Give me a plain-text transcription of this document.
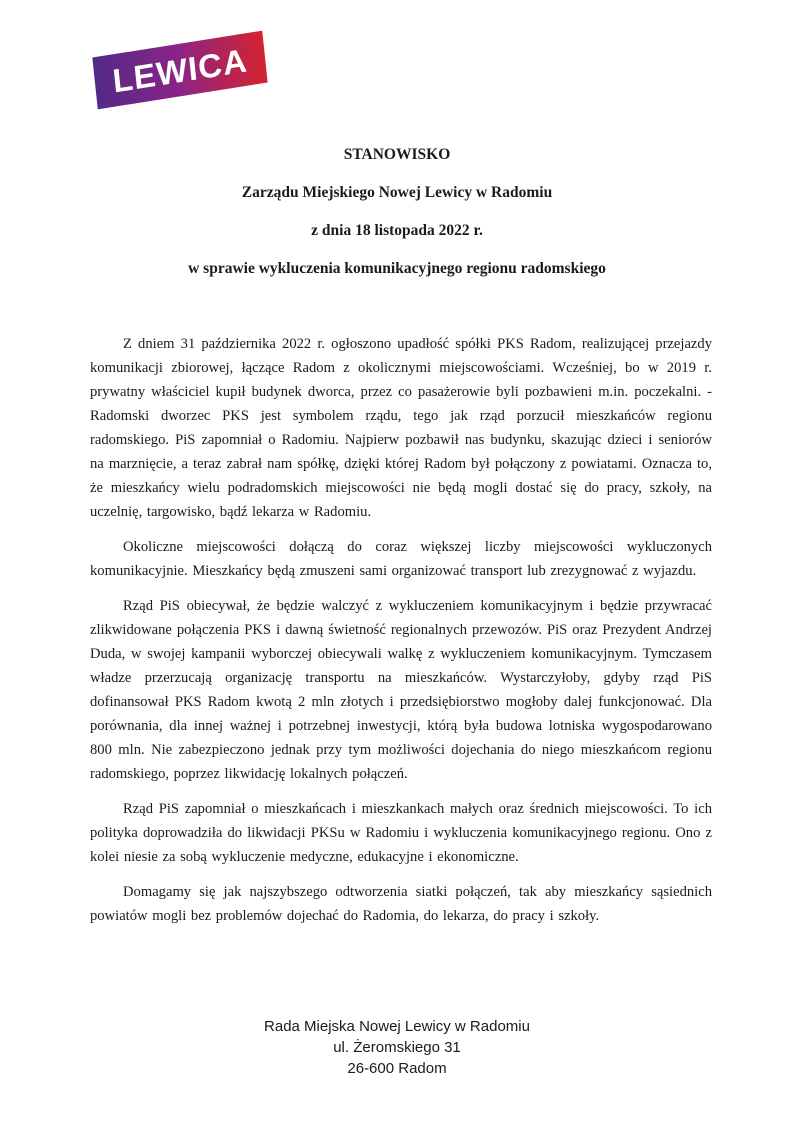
LEWICA
STANOWISKO
Zarządu Miejskiego Nowej Lewicy w Radomiu
z dnia 18 listopada 2022 r.
w sprawie wykluczenia komunikacyjnego regionu radomskiego

Z dniem 31 października 2022 r. ogłoszono upadłość spółki PKS Radom, realizującej przejazdy komunikacji zbiorowej, łączące Radom z okolicznymi miejscowościami. Wcześniej, bo w 2019 r. prywatny właściciel kupił budynek dworca, przez co pasażerowie byli pozbawieni m.in. poczekalni. - Radomski dworzec PKS jest symbolem rządu, tego jak rząd porzucił mieszkańców regionu radomskiego. PiS zapomniał o Radomiu. Najpierw pozbawił nas budynku, skazując dzieci i seniorów na marznięcie, a teraz zabrał nam spółkę, dzięki której Radom był połączony z powiatami. Oznacza to, że mieszkańcy wielu podradomskich miejscowości nie będą mogli dostać się do pracy, szkoły, na uczelnię, targowisko, bądź lekarza w Radomiu.

Okoliczne miejscowości dołączą do coraz większej liczby miejscowości wykluczonych komunikacyjnie. Mieszkańcy będą zmuszeni sami organizować transport lub zrezygnować z wyjazdu.

Rząd PiS obiecywał, że będzie walczyć z wykluczeniem komunikacyjnym i będzie przywracać zlikwidowane połączenia PKS i dawną świetność regionalnych przewozów. PiS oraz Prezydent Andrzej Duda, w swojej kampanii wyborczej obiecywali walkę z wykluczeniem komunikacyjnym. Tymczasem władze przerzucają organizację transportu na mieszkańców. Wystarczyłoby, gdyby rząd PiS dofinansował PKS Radom kwotą 2 mln złotych i przedsiębiorstwo mogłoby dalej funkcjonować. Dla porównania, dla innej ważnej i potrzebnej inwestycji, którą była budowa lotniska wygospodarowano 800 mln. Nie zabezpieczono jednak przy tym możliwości dojechania do niego mieszkańcom regionu radomskiego, poprzez likwidację lokalnych połączeń.

Rząd PiS zapomniał o mieszkańcach i mieszkankach małych oraz średnich miejscowości. To ich polityka doprowadziła do likwidacji PKSu w Radomiu i wykluczenia komunikacyjnego regionu. Ono z kolei niesie za sobą wykluczenie medyczne, edukacyjne i ekonomiczne.

Domagamy się jak najszybszego odtworzenia siatki połączeń, tak aby mieszkańcy sąsiednich powiatów mogli bez problemów dojechać do Radomia, do lekarza, do pracy i szkoły.

Rada Miejska Nowej Lewicy w Radomiu
ul. Żeromskiego 31
26-600 Radom
